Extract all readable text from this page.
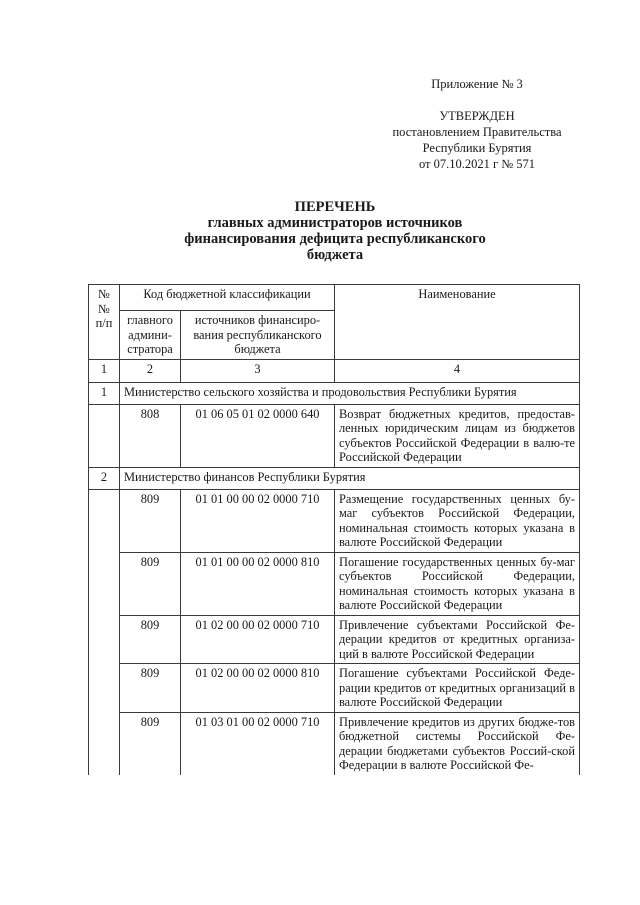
Приложение № 3
УТВЕРЖДЕН
постановлением Правительства
Республики Бурятия
от 07.10.2021 г № 571
ПЕРЕЧЕНЬ
главных администраторов источников
финансирования дефицита республиканского
бюджета
№ № п/п	Код бюджетной классификации		Наименование
	главного админи-стратора	источников финансиро-вания республиканского бюджета	
1	2	3	4
1	Министерство сельского хозяйства и продовольствия Республики Бурятия		
	808	01 06 05 01 02 0000 640	Возврат бюджетных кредитов, предостав-ленных юридическим лицам из бюджетов субъектов Российской Федерации в валю-те Российской Федерации
2	Министерство финансов Республики Бурятия		
	809	01 01 00 00 02 0000 710	Размещение государственных ценных бу-маг субъектов Российской Федерации, номинальная стоимость которых указана в валюте Российской Федерации
	809	01 01 00 00 02 0000 810	Погашение государственных ценных бу-маг субъектов Российской Федерации, номинальная стоимость которых указана в валюте Российской Федерации
	809	01 02 00 00 02 0000 710	Привлечение субъектами Российской Фе-дерации кредитов от кредитных организа-ций в валюте Российской Федерации
	809	01 02 00 00 02 0000 810	Погашение субъектами Российской Феде-рации кредитов от кредитных организаций в валюте Российской Федерации
	809	01 03 01 00 02 0000 710	Привлечение кредитов из других бюдже-тов бюджетной системы Российской Фе-дерации бюджетами субъектов Россий-ской Федерации в валюте Российской Фе-
